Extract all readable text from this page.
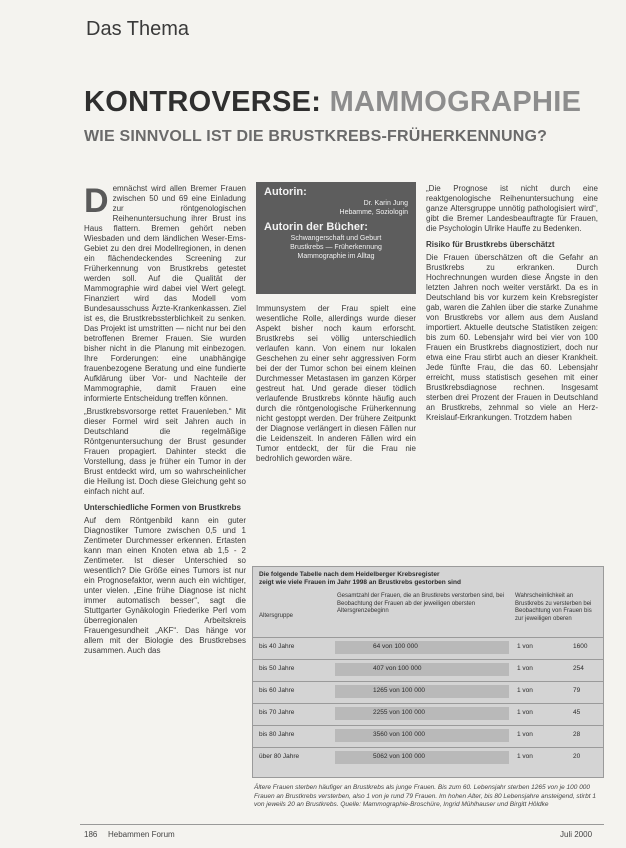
Das Thema
KONTROVERSE: MAMMOGRAPHIE
WIE SINNVOLL IST DIE BRUSTKREBS-FRÜHERKENNUNG?

Demnächst wird allen Bremer Frauen zwischen 50 und 69 eine Einladung zur röntgenologischen Reihenuntersuchung ihrer Brust ins Haus flattern. Bremen gehört neben Wiesbaden und dem ländlichen Weser-Ems-Gebiet zu den drei Modellregionen, in denen ein flächendeckendes Screening zur Früherkennung von Brustkrebs getestet werden soll. Auf die Qualität der Mammographie wird dabei viel Wert gelegt. Finanziert wird das Modell vom Bundesausschuss Ärzte-Krankenkassen. Ziel ist es, die Brustkrebssterblichkeit zu senken. Das Projekt ist umstritten — nicht nur bei den betroffenen Bremer Frauen. Sie wurden bisher nicht in die Planung mit einbezogen. Ihre Forderungen: eine unabhängige frauenbezogene Beratung und eine fundierte Aufklärung über Vor- und Nachteile der Mammographie, damit Frauen eine informierte Entscheidung treffen können.

„Brustkrebsvorsorge rettet Frauenleben.“ Mit dieser Formel wird seit Jahren auch in Deutschland die regelmäßige Röntgenuntersuchung der Brust gesunder Frauen propagiert. Dahinter steckt die Vorstellung, dass je früher ein Tumor in der Brust entdeckt wird, um so wahrscheinlicher die Heilung ist. Doch diese Gleichung geht so einfach nicht auf.

Unterschiedliche Formen von Brustkrebs

Auf dem Röntgenbild kann ein guter Diagnostiker Tumore zwischen 0,5 und 1 Zentimeter Durchmesser erkennen. Ertasten kann man einen Knoten etwa ab 1,5 - 2 Zentimeter. Ist dieser Unterschied so wesentlich? Die Größe eines Tumors ist nur ein Prognosefaktor, wenn auch ein wichtiger, unter vielen. „Eine frühe Diagnose ist nicht immer automatisch besser“, sagt die Stuttgarter Gynäkologin Friederike Perl vom überregionalen Arbeitskreis Frauengesundheit „AKF“. Das hänge vor allem mit der Biologie des Brustkrebses zusammen. Auch das

Autorin:
Dr. Karin Jung
Hebamme, Soziologin
Autorin der Bücher:
Schwangerschaft und Geburt
Brustkrebs — Früherkennung
Mammographie im Alltag

Immunsystem der Frau spielt eine wesentliche Rolle, allerdings wurde dieser Aspekt bisher noch kaum erforscht. Brustkrebs sei völlig unterschiedlich verlaufen kann. Von einem nur lokalen Geschehen zu einer sehr aggressiven Form bei der der Tumor schon bei einem kleinen Durchmesser Metastasen im ganzen Körper gestreut hat. Und gerade dieser tödlich verlaufende Brustkrebs könnte häufig auch durch die röntgenologische Früherkennung nicht gestoppt werden. Der frühere Zeitpunkt der Diagnose verlängert in diesen Fällen nur die Leidenszeit. In anderen Fällen wird ein Tumor entdeckt, der für die Frau nie bedrohlich geworden wäre.

„Die Prognose ist nicht durch eine reaktgenologische Reihenuntersuchung eine ganze Altersgruppe unnötig pathologisiert wird“, gibt die Bremer Landesbeauftragte für Frauen, die Psychologin Ulrike Hauffe zu Bedenken.

Risiko für Brustkrebs überschätzt

Die Frauen überschätzen oft die Gefahr an Brustkrebs zu erkranken. Durch Hochrechnungen wurden diese Ängste in den letzten Jahren noch weiter verstärkt. Da es in Deutschland bis vor kurzem kein Krebsregister gab, waren die Zahlen über die starke Zunahme von Brustkrebs vor allem aus dem Ausland importiert. Aktuelle deutsche Statistiken zeigen: bis zum 60. Lebensjahr wird bei vier von 100 Frauen ein Brustkrebs diagnostiziert, doch nur etwa eine Frau stirbt auch an dieser Krankheit. Jede fünfte Frau, die das 60. Lebensjahr erreicht, muss statistisch gesehen mit einer Brustkrebsdiagnose rechnen. Insgesamt sterben drei Prozent der Frauen in Deutschland an Brustkrebs, zehnmal so viele an Herz-Kreislauf-Erkrankungen. Trotzdem haben

Die folgende Tabelle nach dem Heidelberger Krebsregister
zeigt wie viele Frauen im Jahr 1998 an Brustkrebs gestorben sind
Altersgruppe
Gesamtzahl der Frauen, die an Brustkrebs verstorben sind, bei Beobachtung der Frauen ab der jeweiligen obersten Altersgrenzebeginn
Wahrscheinlichkeit an Brustkrebs zu versterben bei Beobachtung von Frauen bis zur jeweiligen oberen
bis 40 Jahre	64 von 100 000	1 von	1600
bis 50 Jahre	407 von 100 000	1 von	254
bis 60 Jahre	1265 von 100 000	1 von	79
bis 70 Jahre	2255 von 100 000	1 von	45
bis 80 Jahre	3560 von 100 000	1 von	28
über 80 Jahre	5062 von 100 000	1 von	20
Ältere Frauen sterben häufiger an Brustkrebs als junge Frauen. Bis zum 60. Lebensjahr sterben 1265 von je 100 000 Frauen an Brustkrebs versterben, also 1 von je rund 79 Frauen. Im hohen Alter, bis 80 Lebensjahre ansteigend, stirbt 1 von jeweils 20 an Brustkrebs. Quelle: Mammographie-Broschüre, Ingrid Mühlhauser und Birgitt Höldke
186 Hebammen Forum	Juli 2000
